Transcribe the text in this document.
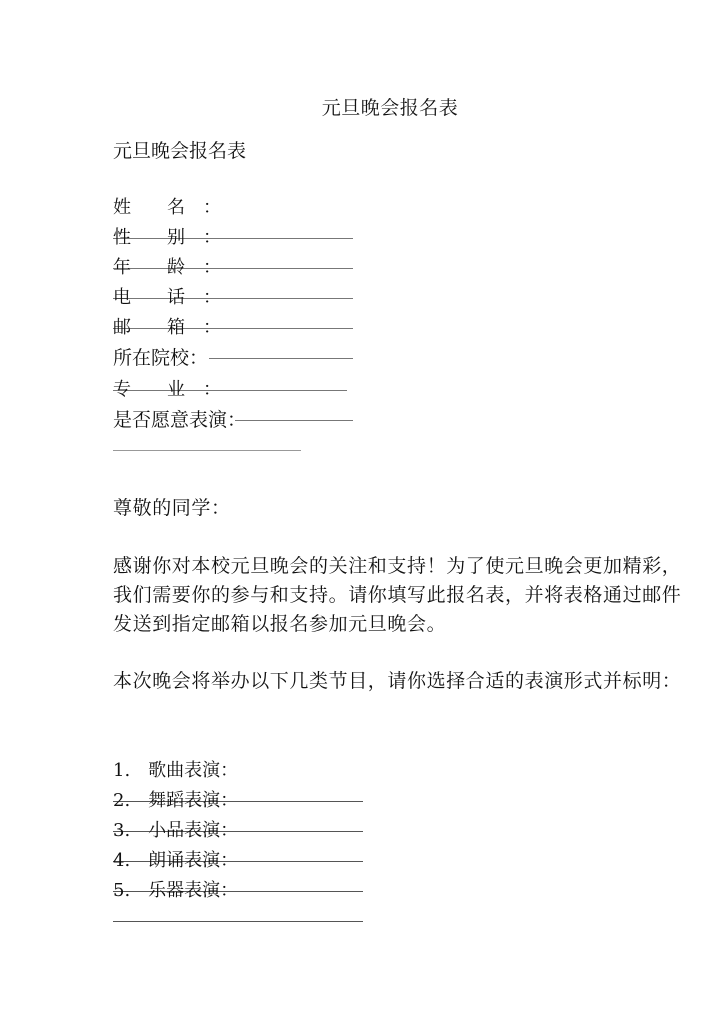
元旦晚会报名表
元旦晚会报名表
姓　　名　：
性　　别　：
年　　龄　：
电　　话　：
邮　　箱　：
所在院校：
专　　业　：
是否愿意表演：
尊敬的同学：
感谢你对本校元旦晚会的关注和支持！为了使元旦晚会更加精彩，我们需要你的参与和支持。请你填写此报名表，并将表格通过邮件发送到指定邮箱以报名参加元旦晚会。
本次晚会将举办以下几类节目，请你选择合适的表演形式并标明：
1.　歌曲表演：
2.　舞蹈表演：
3.　小品表演：
4.　朗诵表演：
5.　乐器表演：
